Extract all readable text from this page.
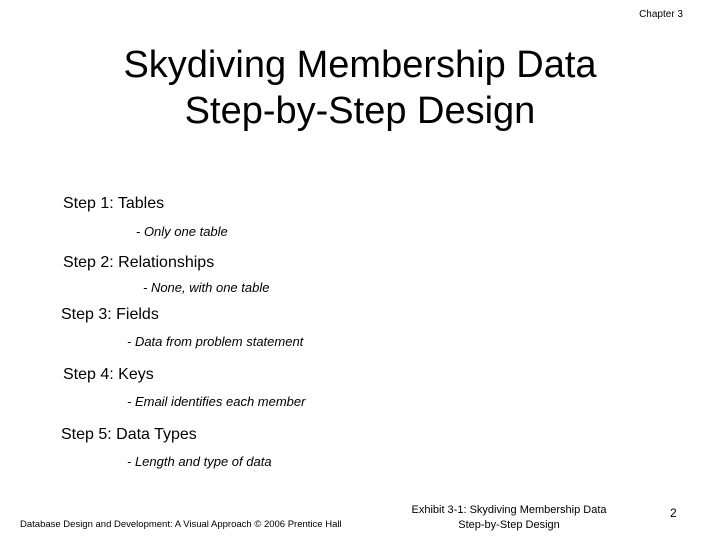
Chapter 3
Skydiving Membership Data
Step-by-Step Design
Step 1: Tables
- Only one table
Step 2: Relationships
- None, with one table
Step 3: Fields
- Data from problem statement
Step 4: Keys
- Email identifies each member
Step 5: Data Types
- Length and type of data
Database Design and Development: A Visual Approach © 2006 Prentice Hall
Exhibit 3-1: Skydiving Membership Data
Step-by-Step Design
2
